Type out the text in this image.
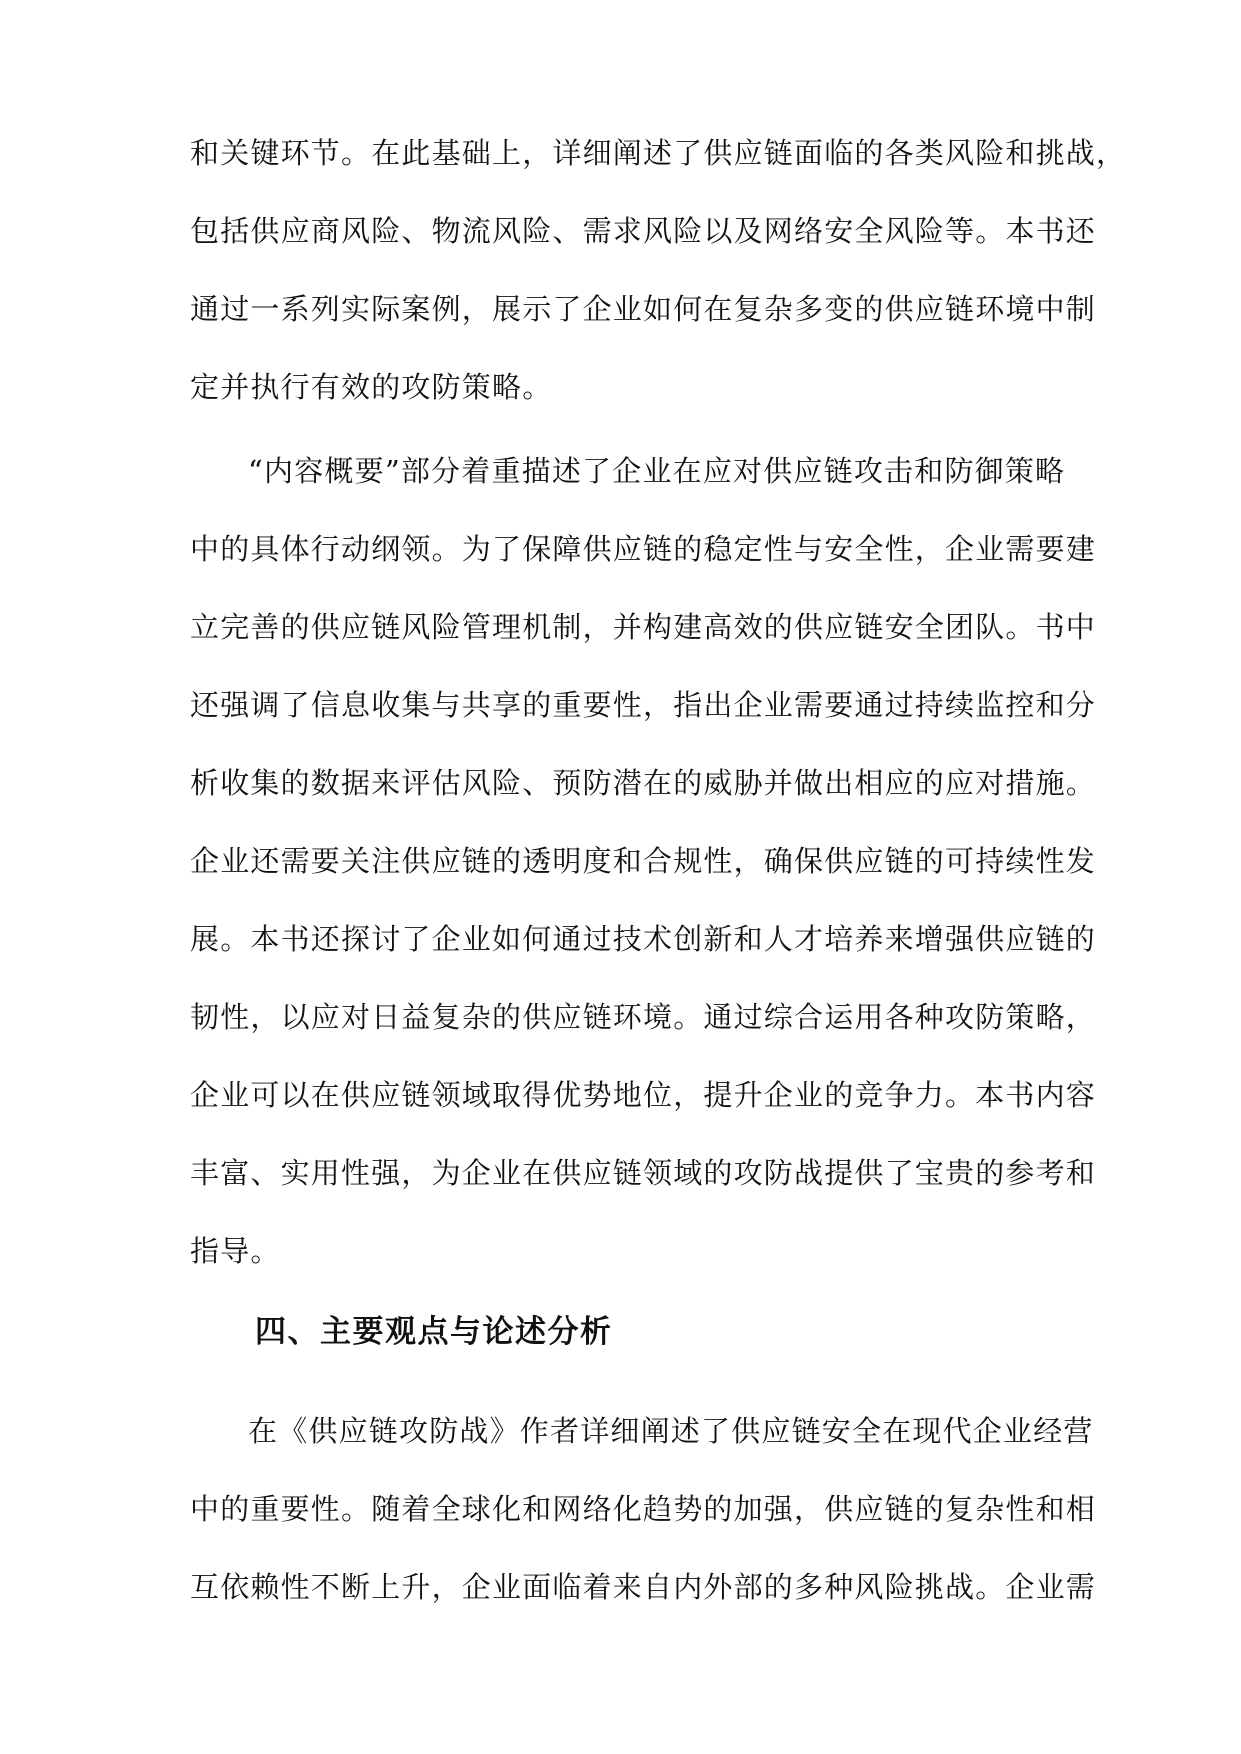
和关键环节。在此基础上，详细阐述了供应链面临的各类风险和挑战，
包括供应商风险、物流风险、需求风险以及网络安全风险等。本书还
通过一系列实际案例，展示了企业如何在复杂多变的供应链环境中制
定并执行有效的攻防策略。
“内容概要”部分着重描述了企业在应对供应链攻击和防御策略
中的具体行动纲领。为了保障供应链的稳定性与安全性，企业需要建
立完善的供应链风险管理机制，并构建高效的供应链安全团队。书中
还强调了信息收集与共享的重要性，指出企业需要通过持续监控和分
析收集的数据来评估风险、预防潜在的威胁并做出相应的应对措施。
企业还需要关注供应链的透明度和合规性，确保供应链的可持续性发
展。本书还探讨了企业如何通过技术创新和人才培养来增强供应链的
韧性，以应对日益复杂的供应链环境。通过综合运用各种攻防策略，
企业可以在供应链领域取得优势地位，提升企业的竞争力。本书内容
丰富、实用性强，为企业在供应链领域的攻防战提供了宝贵的参考和
指导。
四、主要观点与论述分析
在《供应链攻防战》作者详细阐述了供应链安全在现代企业经营
中的重要性。随着全球化和网络化趋势的加强，供应链的复杂性和相
互依赖性不断上升，企业面临着来自内外部的多种风险挑战。企业需
